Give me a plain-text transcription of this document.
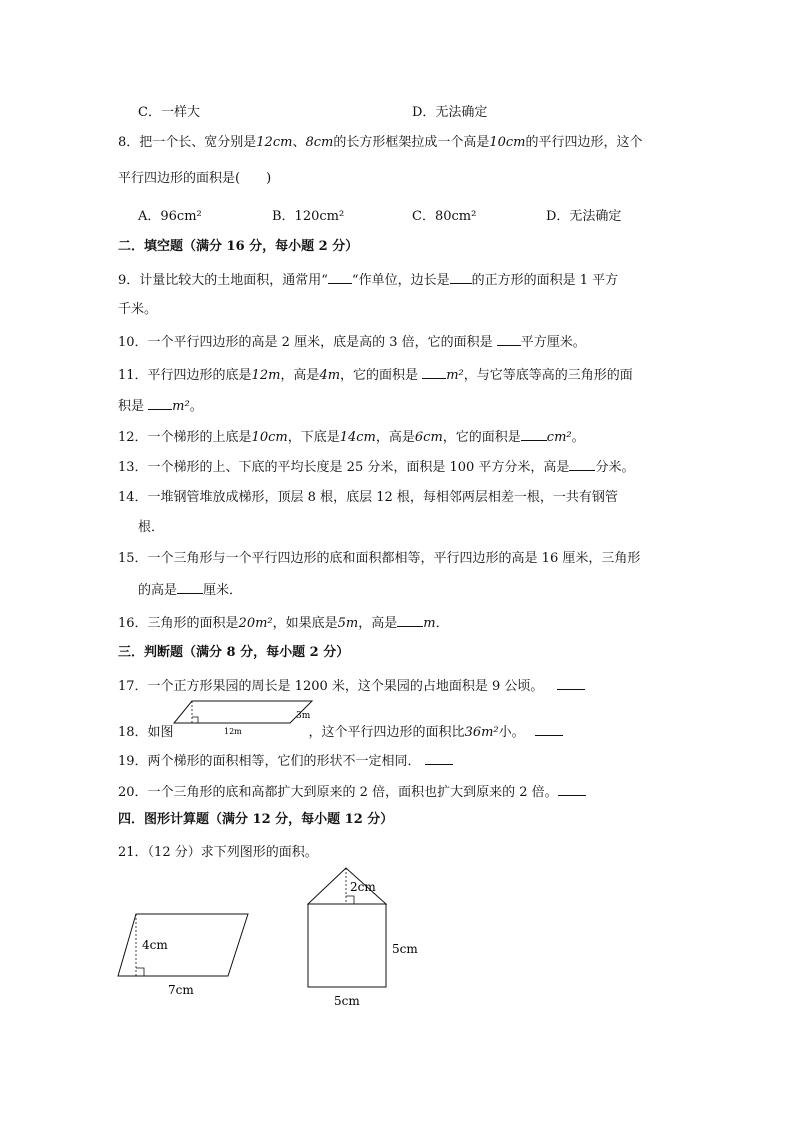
C．一样大	D．无法确定
8．把一个长、宽分别是12cm、8cm的长方形框架拉成一个高是10cm的平行四边形，这个
平行四边形的面积是(　　)
A．96cm²	B．120cm²	C．80cm²	D．无法确定
二．填空题（满分 16 分，每小题 2 分）
9．计量比较大的土地面积，通常用“ “作单位，边长是 的正方形的面积是 1 平方
千米。
10．一个平行四边形的高是 2 厘米，底是高的 3 倍，它的面积是 平方厘米。
11．平行四边形的底是12m，高是4m，它的面积是 m²，与它等底等高的三角形的面
积是 m²。
12．一个梯形的上底是10cm，下底是14cm，高是6cm，它的面积是 cm²。
13．一个梯形的上、下底的平均长度是 25 分米，面积是 100 平方分米，高是 分米。
14．一堆钢管堆放成梯形，顶层 8 根，底层 12 根，每相邻两层相差一根，一共有钢管
根．
15．一个三角形与一个平行四边形的底和面积都相等，平行四边形的高是 16 厘米，三角形
的高是 厘米．
16．三角形的面积是20m²，如果底是5m，高是 m．
三．判断题（满分 8 分，每小题 2 分）
17．一个正方形果园的周长是 1200 米，这个果园的占地面积是 9 公顷。
12m
3m
18．如图	，这个平行四边形的面积比36m²小。
19．两个梯形的面积相等，它们的形状不一定相同．
20．一个三角形的底和高都扩大到原来的 2 倍，面积也扩大到原来的 2 倍。
四．图形计算题（满分 12 分，每小题 12 分）
21．（12 分）求下列图形的面积。
4cm
7cm
2cm
5cm
5cm
